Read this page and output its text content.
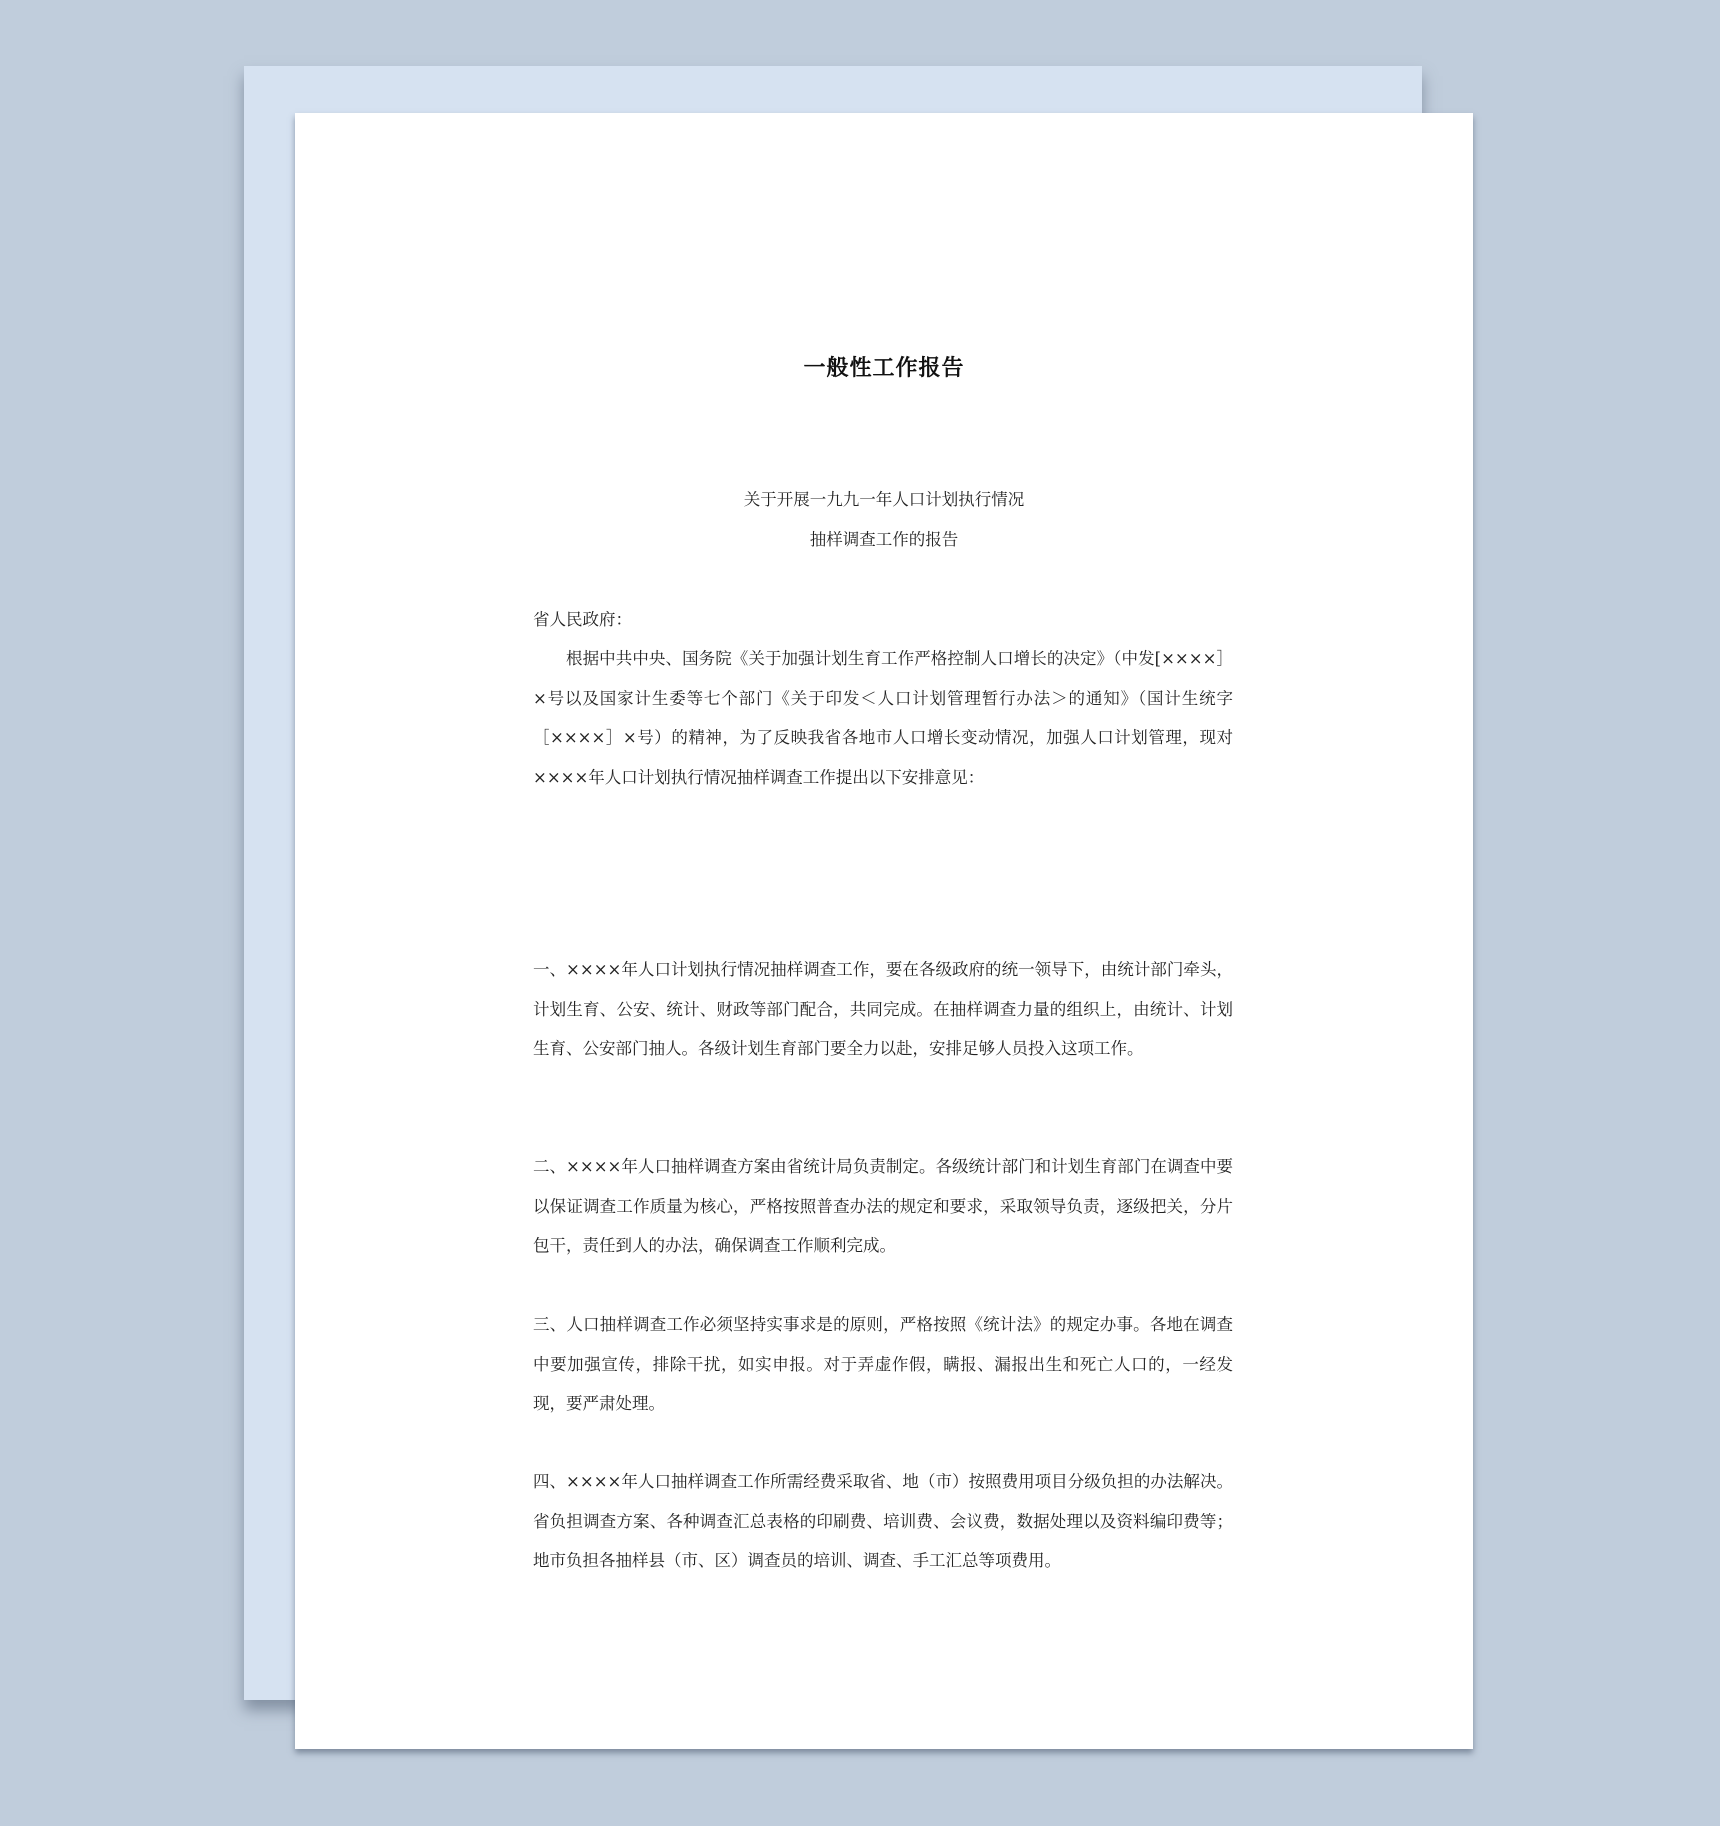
一般性工作报告
关于开展一九九一年人口计划执行情况
抽样调查工作的报告

省人民政府：

根据中共中央、国务院《关于加强计划生育工作严格控制人口增长的决定》（中发[××××］×号以及国家计生委等七个部门《关于印发＜人口计划管理暂行办法＞的通知》（国计生统字［××××］×号）的精神，为了反映我省各地市人口增长变动情况，加强人口计划管理，现对××××年人口计划执行情况抽样调查工作提出以下安排意见：

一、××××年人口计划执行情况抽样调查工作，要在各级政府的统一领导下，由统计部门牵头，计划生育、公安、统计、财政等部门配合，共同完成。在抽样调查力量的组织上，由统计、计划生育、公安部门抽人。各级计划生育部门要全力以赴，安排足够人员投入这项工作。

二、××××年人口抽样调查方案由省统计局负责制定。各级统计部门和计划生育部门在调查中要以保证调查工作质量为核心，严格按照普查办法的规定和要求，采取领导负责，逐级把关，分片包干，责任到人的办法，确保调查工作顺利完成。

三、人口抽样调查工作必须坚持实事求是的原则，严格按照《统计法》的规定办事。各地在调查中要加强宣传，排除干扰，如实申报。对于弄虚作假，瞒报、漏报出生和死亡人口的，一经发现，要严肃处理。

四、××××年人口抽样调查工作所需经费采取省、地（市）按照费用项目分级负担的办法解决。省负担调查方案、各种调查汇总表格的印刷费、培训费、会议费，数据处理以及资料编印费等；地市负担各抽样县（市、区）调查员的培训、调查、手工汇总等项费用。
